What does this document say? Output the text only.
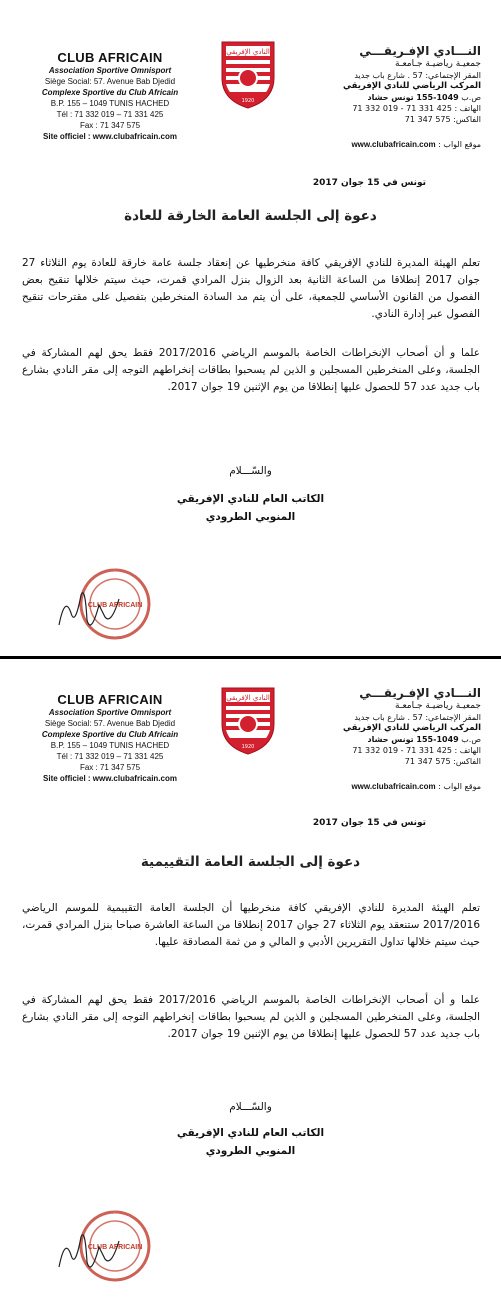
CLUB AFRICAIN
Association Sportive Omnisport
Siège Social: 57. Avenue Bab Djedid
Complexe Sportive du Club Africain
B.P. 155 – 1049 TUNIS HACHED
Tél : 71 332 019 – 71 331 425
Fax : 71 347 575
Site officiel : www.clubafricain.com
النادي الإفريقي
1920
النـــادي الإفـريقـــي
جمعيـة رياضيـة جـامعـة
المقر الإجتماعي: 57 . شارع باب جديد
المركب الرياضي للنادي الإفريقي
ص.ب 1049-155 تونس حشاد
الهاتف : 71 332 019 - 71 331 425
الفاكس: 71 347 575
موقع الواب : www.clubafricain.com
تونس في 15 جوان 2017
دعوة إلى الجلسة العامة الخارقة للعادة
تعلم الهيئة المديرة للنادي الإفريقي كافة منخرطيها عن إنعقاد جلسة عامة خارقة للعادة يوم الثلاثاء 27 جوان 2017 إنطلاقا من الساعة الثانية بعد الزوال بنزل المرادي قمرت، حيث سيتم خلالها تنقيح بعض الفصول من القانون الأساسي للجمعية، على أن يتم مد السادة المنخرطين بتفصيل على مقترحات تنقيح الفصول عبر إدارة النادي.
علما و أن أصحاب الإنخراطات الخاصة بالموسم الرياضي 2017/2016 فقط يحق لهم المشاركة في الجلسة، وعلى المنخرطين المسجلين و الذين لم يسحبوا بطاقات إنخراطهم التوجه إلى مقر النادي بشارع باب جديد عدد 57 للحصول عليها إنطلاقا من يوم الإثنين 19 جوان 2017.
والسّـــلام
الكاتب العام للنادي الإفريقي
المنوبي الطرودي
CLUB AFRICAIN
CLUB AFRICAIN
Association Sportive Omnisport
Siège Social: 57. Avenue Bab Djedid
Complexe Sportive du Club Africain
B.P. 155 – 1049 TUNIS HACHED
Tél : 71 332 019 – 71 331 425
Fax : 71 347 575
Site officiel : www.clubafricain.com
النادي الإفريقي
1920
النـــادي الإفـريقـــي
جمعيـة رياضيـة جـامعـة
المقر الإجتماعي: 57 . شارع باب جديد
المركب الرياضي للنادي الإفريقي
ص.ب 1049-155 تونس حشاد
الهاتف : 71 332 019 - 71 331 425
الفاكس: 71 347 575
موقع الواب : www.clubafricain.com
تونس في 15 جوان 2017
دعوة إلى الجلسة العامة التقييمية
تعلم الهيئة المديرة للنادي الإفريقي كافة منخرطيها أن الجلسة العامة التقييمية للموسم الرياضي 2017/2016 ستنعقد يوم الثلاثاء 27 جوان 2017 إنطلاقا من الساعة العاشرة صباحا بنزل المرادي قمرت، حيث سيتم خلالها تداول التقريرين الأدبي و المالي و من ثمة المصادقة عليها.
علما و أن أصحاب الإنخراطات الخاصة بالموسم الرياضي 2017/2016 فقط يحق لهم المشاركة في الجلسة، وعلى المنخرطين المسجلين و الذين لم يسحبوا بطاقات إنخراطهم التوجه إلى مقر النادي بشارع باب جديد عدد 57 للحصول عليها إنطلاقا من يوم الإثنين 19 جوان 2017.
والسّـــلام
الكاتب العام للنادي الإفريقي
المنوبي الطرودي
CLUB AFRICAIN
